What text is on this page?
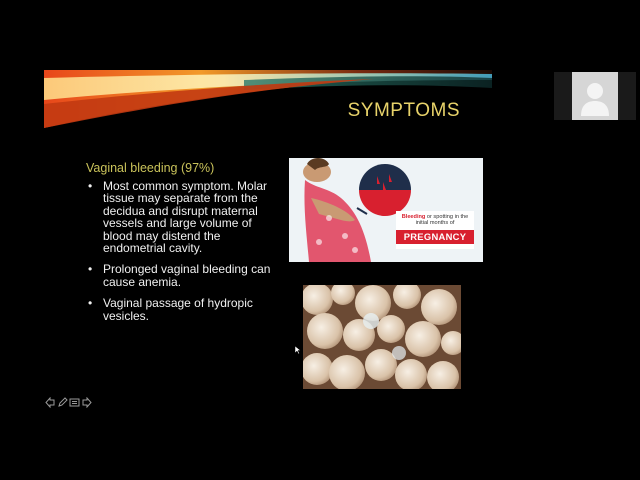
SYMPTOMS
Vaginal bleeding (97%)
• Most common symptom. Molar tissue may separate from the decidua and disrupt maternal vessels and large volume of blood may distend the endometrial cavity.
• Prolonged vaginal bleeding can cause anemia.
• Vaginal passage of hydropic vesicles.
Bleeding or spotting in the initial months of
PREGNANCY
